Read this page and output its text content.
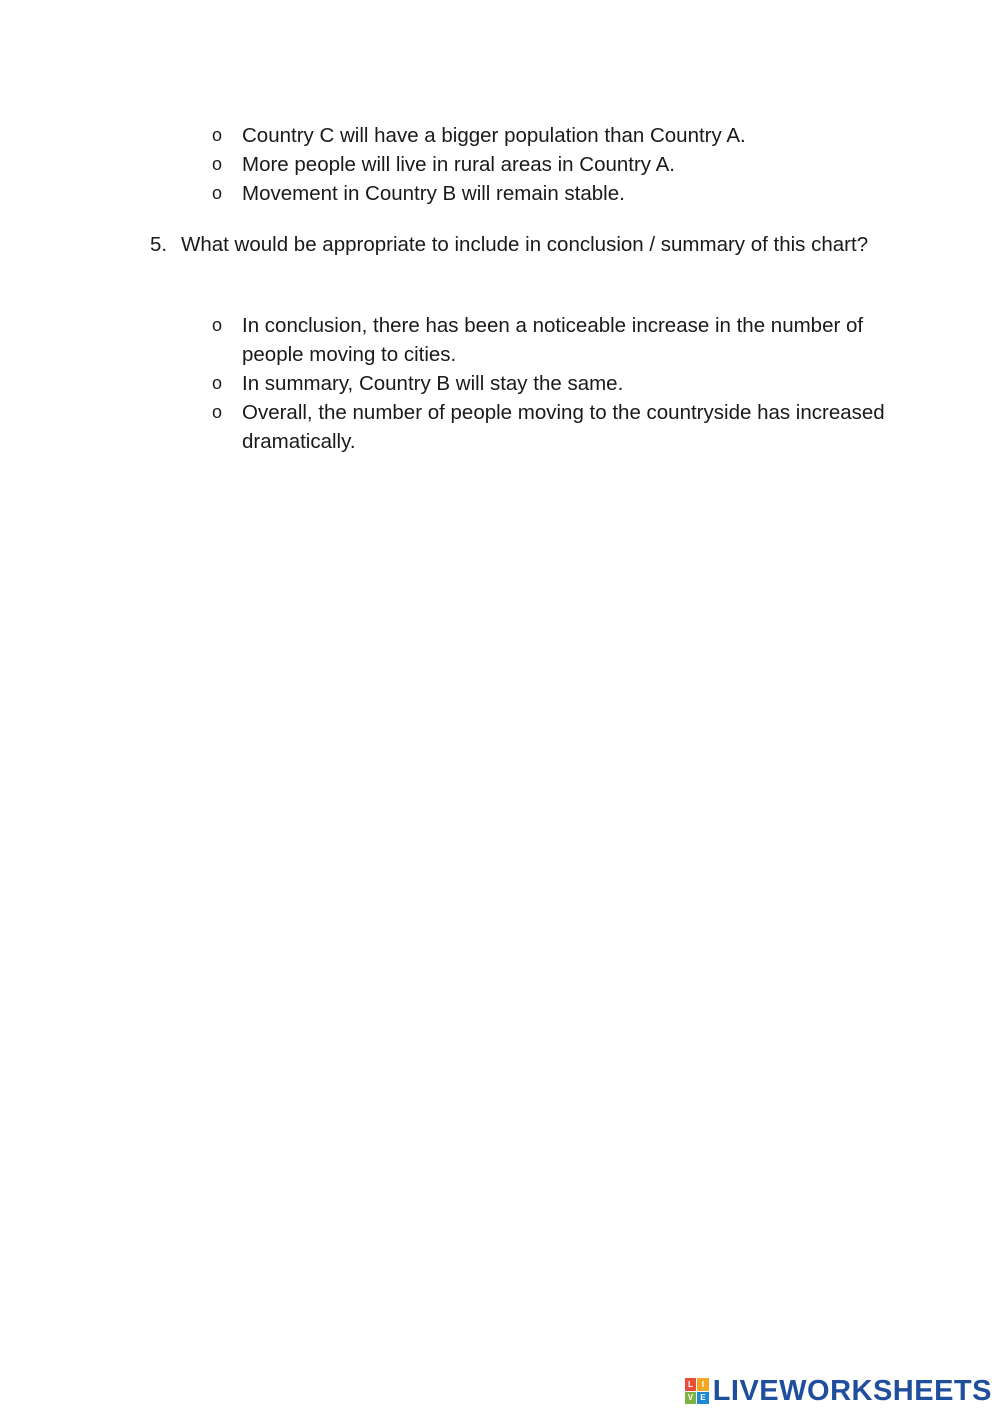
o Country C will have a bigger population than Country A.
o More people will live in rural areas in Country A.
o Movement in Country B will remain stable.
5. What would be appropriate to include in conclusion / summary of this chart?
o In conclusion, there has been a noticeable increase in the number of people moving to cities.
o In summary, Country B will stay the same.
o Overall, the number of people moving to the countryside has increased dramatically.
L	I
V E LIVEWORKSHEETS
